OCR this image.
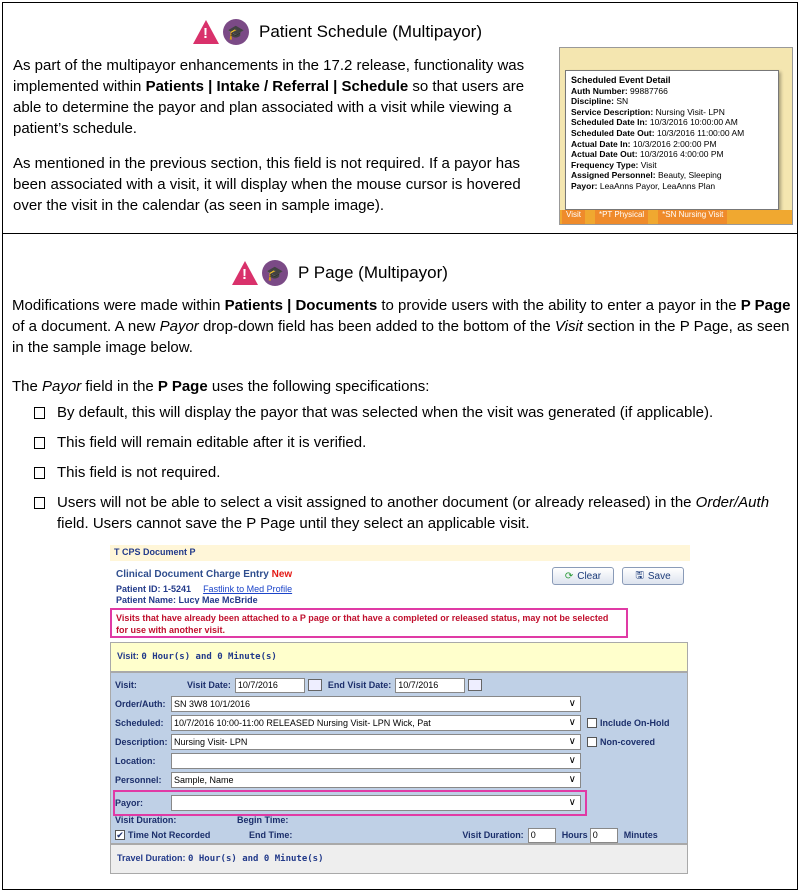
!
🎓 Patient Schedule (Multipayor)

As part of the multipayor enhancements in the 17.2 release, functionality was implemented within Patients | Intake / Referral | Schedule so that users are able to determine the payor and plan associated with a visit while viewing a patient’s schedule.

As mentioned in the previous section, this field is not required. If a payor has been associated with a visit, it will display when the mouse cursor is hovered over the visit in the calendar (as seen in sample image).

Scheduled Event Detail
Auth Number: 99887766
Discipline: SN
Service Description: Nursing Visit- LPN
Scheduled Date In: 10/3/2016 10:00:00 AM
Scheduled Date Out: 10/3/2016 11:00:00 AM
Actual Date In: 10/3/2016 2:00:00 PM
Actual Date Out: 10/3/2016 4:00:00 PM
Frequency Type: Visit
Assigned Personnel: Beauty, Sleeping
Payor: LeaAnns Payor, LeaAnns Plan
Visit	*PT Physical	*SN Nursing Visit
!
🎓 P Page (Multipayor)

Modifications were made within Patients | Documents to provide users with the ability to enter a payor in the P Page of a document. A new Payor drop-down field has been added to the bottom of the Visit section in the P Page, as seen in the sample image below.

The Payor field in the P Page uses the following specifications:

By default, this will display the payor that was selected when the visit was generated (if applicable).
This field will remain editable after it is verified.
This field is not required.
Users will not be able to select a visit assigned to another document (or already released) in the Order/Auth field. Users cannot save the P Page until they select an applicable visit.
T CPS Document P
Clinical Document Charge Entry New	⟳ Clear	🖫 Save
Patient ID: 1-5241 Fastlink to Med Profile
Patient Name: Lucy Mae McBride
Visits that have already been attached to a P page or that have a completed or released status, may not be selected for use with another visit.
Visit: 0 Hour(s) and 0 Minute(s)
Visit:	Visit Date: 10/7/2016	End Visit Date: 10/7/2016
Order/Auth: SN 3W8 10/1/2016 ∨
Scheduled:	10/7/2016 10:00-11:00 RELEASED Nursing Visit- LPN Wick, Pat ∨	Include On-Hold
Description: Nursing Visit- LPN ∨	Non-covered
Location:
∨
Personnel:	Sample, Name ∨
Payor:
∨
Visit Duration:	Begin Time:
✔ Time Not Recorded	End Time:	Visit Duration: 0	Hours 0	Minutes
Travel Duration: 0 Hour(s) and 0 Minute(s)
